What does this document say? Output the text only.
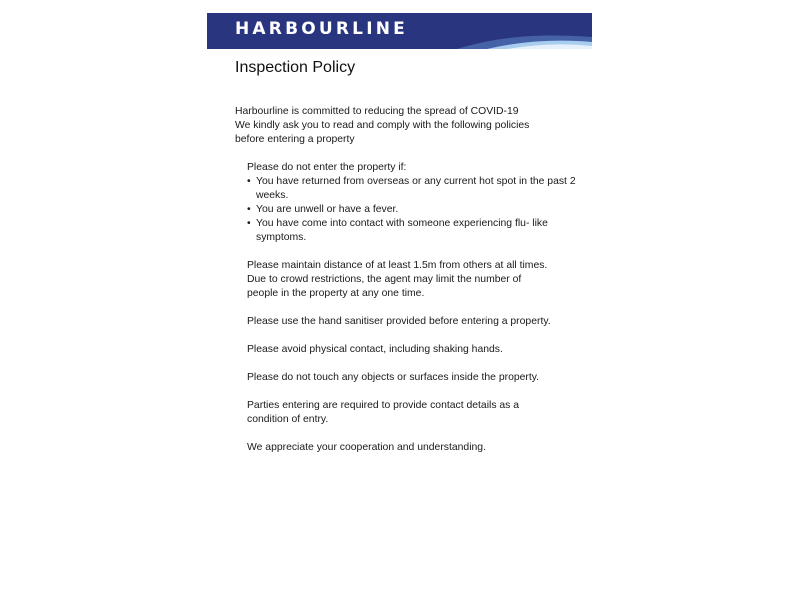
HARBOURLINE
Inspection Policy

Harbourline is committed to reducing the spread of COVID-19

We kindly ask you to read and comply with the following policies

before entering a property

Please do not enter the property if:

• You have returned from overseas or any current hot spot in the past 2 weeks.
• You are unwell or have a fever.
• You have come into contact with someone experiencing flu- like symptoms.

Please maintain distance of at least 1.5m from others at all times.

Due to crowd restrictions, the agent may limit the number of

people in the property at any one time.

Please use the hand sanitiser provided before entering a property.

Please avoid physical contact, including shaking hands.

Please do not touch any objects or surfaces inside the property.

Parties entering are required to provide contact details as a condition of entry.

We appreciate your cooperation and understanding.
